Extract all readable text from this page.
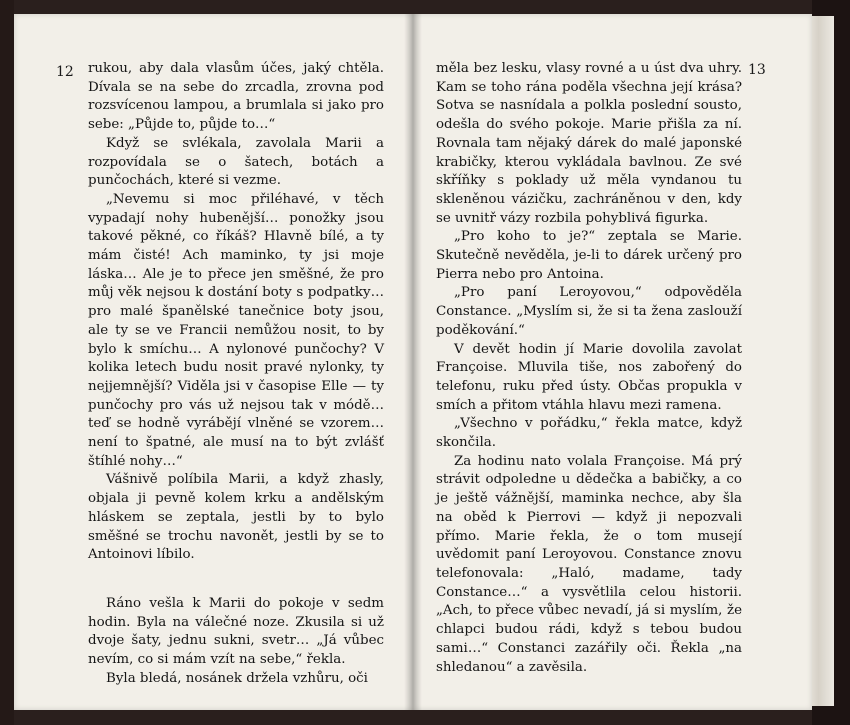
12	13

rukou, aby dala vlasům účes, jaký chtěla. Dívala se na sebe do zrcadla, zrovna pod rozsvícenou lampou, a brumlala si jako pro sebe: „Půjde to, půjde to…“

Když se svlékala, zavolala Marii a rozpovídala se o šatech, botách a punčochách, které si vezme.

„Nevemu si moc přiléhavé, v těch vypadají nohy hubenější… ponožky jsou takové pěkné, co říkáš? Hlavně bílé, a ty mám čisté! Ach maminko, ty jsi moje láska… Ale je to přece jen směšné, že pro můj věk nejsou k dostání boty s podpatky… pro malé španělské tanečnice boty jsou, ale ty se ve Francii nemůžou nosit, to by bylo k smíchu… A nylonové punčochy? V kolika letech budu nosit pravé nylonky, ty nejjemnější? Viděla jsi v časopise Elle — ty punčochy pro vás už nejsou tak v módě… teď se hodně vyrábějí vlněné se vzorem… není to špatné, ale musí na to být zvlášť štíhlé nohy…“

Vášnivě políbila Marii, a když zhasly, objala ji pevně kolem krku a andělským hláskem se zeptala, jestli by to bylo směšné se trochu navonět, jestli by se to Antoinovi líbilo.

Ráno vešla k Marii do pokoje v sedm hodin. Byla na válečné noze. Zkusila si už dvoje šaty, jednu sukni, svetr… „Já vůbec nevím, co si mám vzít na sebe,“ řekla.

Byla bledá, nosánek držela vzhůru, oči

měla bez lesku, vlasy rovné a u úst dva uhry. Kam se toho rána poděla všechna její krása? Sotva se nasnídala a polkla poslední sousto, odešla do svého pokoje. Marie přišla za ní. Rovnala tam nějaký dárek do malé japonské krabičky, kterou vykládala bavlnou. Ze své skříňky s poklady už měla vyndanou tu skleněnou vázičku, zachráněnou v den, kdy se uvnitř vázy rozbila pohyblivá figurka.

„Pro koho to je?“ zeptala se Marie. Skutečně nevěděla, je-li to dárek určený pro Pierra nebo pro Antoina.

„Pro paní Leroyovou,“ odpověděla Constance. „Myslím si, že si ta žena zaslouží poděkování.“

V devět hodin jí Marie dovolila zavolat Françoise. Mluvila tiše, nos zabořený do telefonu, ruku před ústy. Občas propukla v smích a přitom vtáhla hlavu mezi ramena.

„Všechno v pořádku,“ řekla matce, když skončila.

Za hodinu nato volala Françoise. Má prý strávit odpoledne u dědečka a babičky, a co je ještě vážnější, maminka nechce, aby šla na oběd k Pierrovi — když ji nepozvali přímo. Marie řekla, že o tom musejí uvědomit paní Leroyovou. Constance znovu telefonovala: „Haló, madame, tady Constance…“ a vysvětlila celou historii. „Ach, to přece vůbec nevadí, já si myslím, že chlapci budou rádi, když s tebou budou sami…“ Constanci zazářily oči. Řekla „na shledanou“ a zavěsila.
